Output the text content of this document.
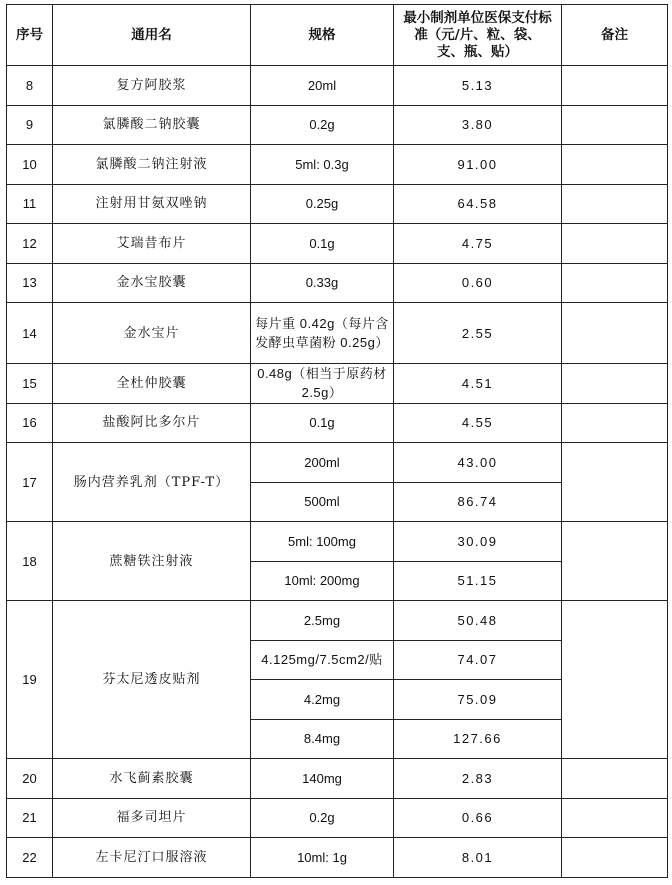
序号	通用名	规格	最小制剂单位医保支付标准（元/片、粒、袋、支、瓶、贴）	备注
8	复方阿胶浆	20ml	5.13	
9	氯膦酸二钠胶囊	0.2g	3.80	
10	氯膦酸二钠注射液	5ml: 0.3g	91.00	
11	注射用甘氨双唑钠	0.25g	64.58	
12	艾瑞昔布片	0.1g	4.75	
13	金水宝胶囊	0.33g	0.60	
14	金水宝片	每片重 0.42g（每片含发酵虫草菌粉 0.25g）	2.55	
15	全杜仲胶囊	0.48g（相当于原药材 2.5g）	4.51	
16	盐酸阿比多尔片	0.1g	4.55	
17	肠内营养乳剂（TPF-T）	200ml	43.00	
		500ml	86.74	
18	蔗糖铁注射液	5ml: 100mg	30.09	
		10ml: 200mg	51.15	
19	芬太尼透皮贴剂	2.5mg	50.48	
		4.125mg/7.5cm2/贴	74.07	
		4.2mg	75.09	
		8.4mg	127.66	
20	水飞蓟素胶囊	140mg	2.83	
21	福多司坦片	0.2g	0.66	
22	左卡尼汀口服溶液	10ml: 1g	8.01	
